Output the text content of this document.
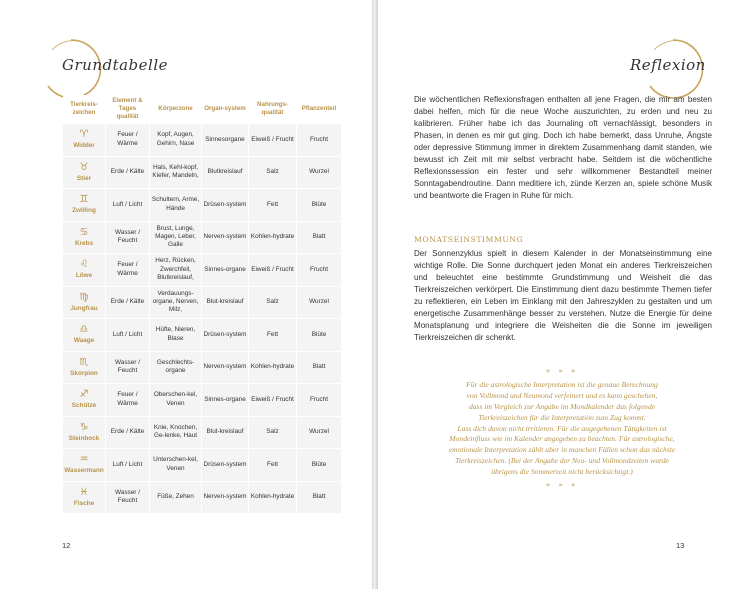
Grundtabelle
Tierkreis-zeichen	Element & Tages qualität	Körperzone	Organ-system	Nahrungs-qualität	Pflanzenteil

♈
Widder	Feuer / Wärme	Kopf, Augen, Gehirn, Nase	Sinnesorgane	Eiweiß / Frucht	Frucht

♉
Stier	Erde / Kälte	Hals, Kehl-kopf, Kiefer, Mandeln,	Blutkreislauf	Salz	Wurzel

♊
Zwilling	Luft / Licht	Schultern, Arme, Hände	Drüsen-system	Fett	Blüte

♋
Krebs	Wasser / Feucht	Brust, Lunge, Magen, Leber, Galle	Nerven-system	Kohlen-hydrate	Blatt

♌
Löwe	Feuer / Wärme	Herz, Rücken, Zwerchfell, Blutkreislauf,	Sinnes-organe	Eiweiß / Frucht	Frucht

♍
Jungfrau	Erde / Kälte	Verdauungs-organe, Nerven, Milz,	Blut-kreislauf	Salz	Wurzel

♎
Waage	Luft / Licht	Hüfte, Nieren, Blase	Drüsen-system	Fett	Blüte

♏
Skorpion	Wasser / Feucht	Geschlechts-organe	Nerven-system	Kohlen-hydrate	Blatt

♐
Schütze	Feuer / Wärme	Oberschen-kel, Venen	Sinnes-organe	Eiweiß / Frucht	Frucht

♑
Steinbock	Erde / Kälte	Knie, Knochen, Ge-lenke, Haut	Blut-kreislauf	Salz	Wurzel

♒
Wassermann	Luft / Licht	Unterschen-kel, Venen	Drüsen-system	Fett	Blüte

♓
Fische	Wasser / Feucht	Füße, Zehen	Nerven-system	Kohlen-hydrate	Blatt
12
Reflexion

Die wöchentlichen Reflexionsfragen enthalten all jene Fragen, die mir am besten dabei helfen, mich für die neue Woche auszurichten, zu erden und neu zu kalibrieren. Früher habe ich das Journaling oft vernachlässigt, besonders in Phasen, in denen es mir gut ging. Doch ich habe bemerkt, dass Unruhe, Ängste oder depressive Stimmung immer in direktem Zusammenhang damit standen, wie bewusst ich Zeit mit mir selbst verbracht habe. Seitdem ist die wöchentliche Reflexionssession ein fester und sehr willkommener Bestandteil meiner Sonntagabendroutine. Dann meditiere ich, zünde Kerzen an, spiele schöne Musik und beantworte die Fragen in Ruhe für mich.

MONATSEINSTIMMUNG

Der Sonnenzyklus spielt in diesem Kalender in der Monatseinstimmung eine wichtige Rolle. Die Sonne durchquert jeden Monat ein anderes Tierkreiszeichen und beleuchtet eine bestimmte Grundstimmung und Weisheit die das Tierkreiszeichen verkörpert. Die Einstimmung dient dazu bestimmte Themen tiefer zu reflektieren, ein Leben im Einklang mit den Jahreszyklen zu gestalten und um energetische Zusammenhänge besser zu verstehen. Nutze die Energie für deine Monatsplanung und integriere die Weisheiten die die Sonne im jeweiligen Tierkreiszeichen dir schenkt.

« » »
Für die astrologische Interpretation ist die genaue Berechnung
von Vollmond und Neumond verfeinert und es kann geschehen,
dass im Vergleich zur Angabe im Mondkalender das folgende
Tierkreiszeichen für die Interpretation zum Zug kommt.
Lass dich davon nicht irritieren. Für die angegebenen Tätigkeiten ist
Mondeinfluss wie im Kalender angegeben zu beachten. Für astrologische,
emotionale Interpretation zählt aber in manchen Fällen schon das nächste
Tierkreiszeichen. (Bei der Angabe der Neu- und Vollmondzeiten wurde
übrigens die Sommerzeit nicht berücksichtigt.)
« » »
13
